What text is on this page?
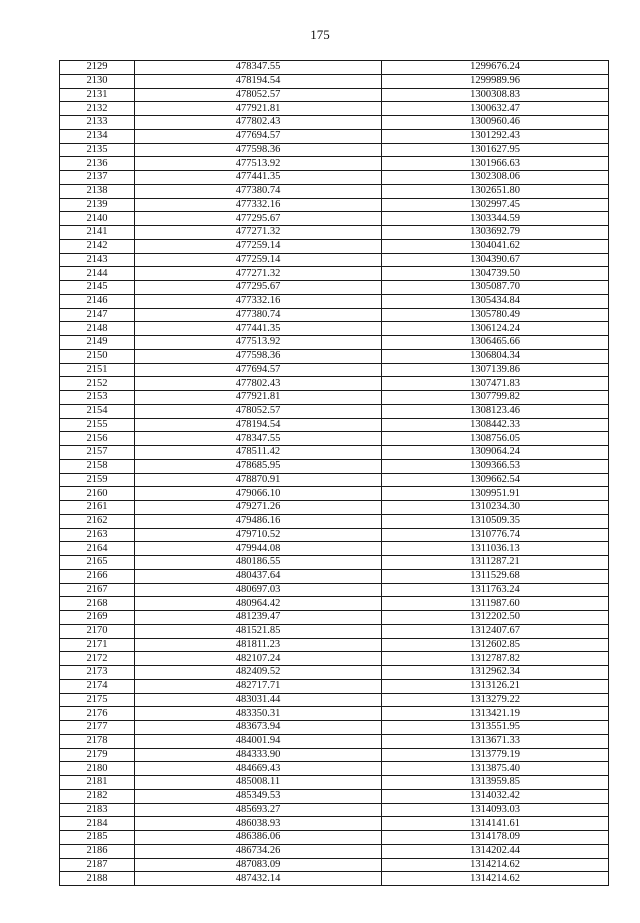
175
2129	478347.55	1299676.24
2130	478194.54	1299989.96
2131	478052.57	1300308.83
2132	477921.81	1300632.47
2133	477802.43	1300960.46
2134	477694.57	1301292.43
2135	477598.36	1301627.95
2136	477513.92	1301966.63
2137	477441.35	1302308.06
2138	477380.74	1302651.80
2139	477332.16	1302997.45
2140	477295.67	1303344.59
2141	477271.32	1303692.79
2142	477259.14	1304041.62
2143	477259.14	1304390.67
2144	477271.32	1304739.50
2145	477295.67	1305087.70
2146	477332.16	1305434.84
2147	477380.74	1305780.49
2148	477441.35	1306124.24
2149	477513.92	1306465.66
2150	477598.36	1306804.34
2151	477694.57	1307139.86
2152	477802.43	1307471.83
2153	477921.81	1307799.82
2154	478052.57	1308123.46
2155	478194.54	1308442.33
2156	478347.55	1308756.05
2157	478511.42	1309064.24
2158	478685.95	1309366.53
2159	478870.91	1309662.54
2160	479066.10	1309951.91
2161	479271.26	1310234.30
2162	479486.16	1310509.35
2163	479710.52	1310776.74
2164	479944.08	1311036.13
2165	480186.55	1311287.21
2166	480437.64	1311529.68
2167	480697.03	1311763.24
2168	480964.42	1311987.60
2169	481239.47	1312202.50
2170	481521.85	1312407.67
2171	481811.23	1312602.85
2172	482107.24	1312787.82
2173	482409.52	1312962.34
2174	482717.71	1313126.21
2175	483031.44	1313279.22
2176	483350.31	1313421.19
2177	483673.94	1313551.95
2178	484001.94	1313671.33
2179	484333.90	1313779.19
2180	484669.43	1313875.40
2181	485008.11	1313959.85
2182	485349.53	1314032.42
2183	485693.27	1314093.03
2184	486038.93	1314141.61
2185	486386.06	1314178.09
2186	486734.26	1314202.44
2187	487083.09	1314214.62
2188	487432.14	1314214.62
